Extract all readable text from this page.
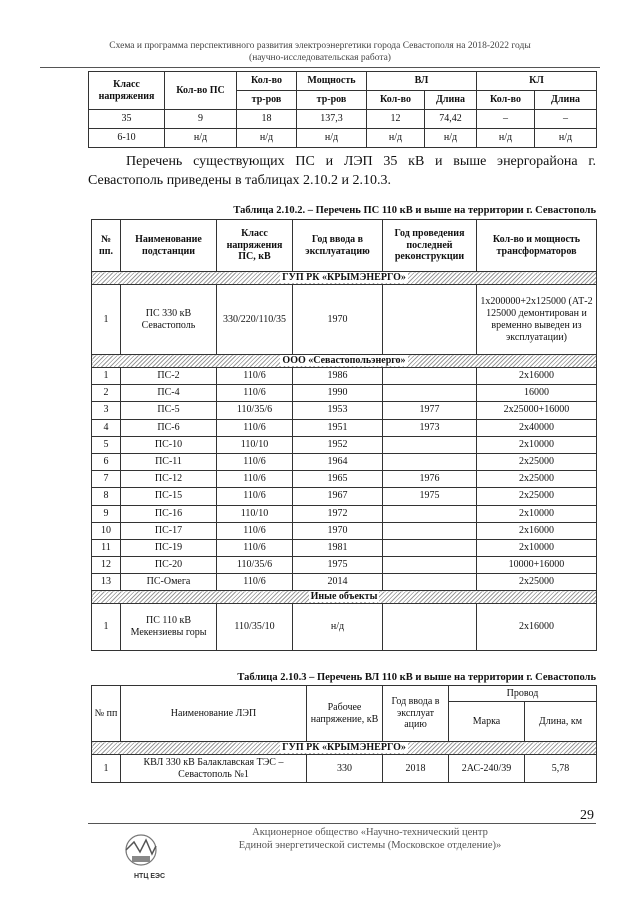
Схема и программа перспективного развития электроэнергетики города Севастополя на 2018-2022 годы
(научно-исследовательская работа)
Класс напряжения	Кол-во ПС	Кол-во	Мощность	ВЛ		КЛ	
		тр-ров	тр-ров	Кол-во	Длина	Кол-во	Длина
35	9	18	137,3	12	74,42	–	–
6-10	н/д	н/д	н/д	н/д	н/д	н/д	н/д
Перечень существующих ПС и ЛЭП 35 кВ и выше энергорайона г. Севастополь приведены в таблицах 2.10.2 и 2.10.3.
Таблица 2.10.2. – Перечень ПС 110 кВ и выше на территории г. Севастополь
№ пп.	Наименование подстанции	Класс напряжения ПС, кВ	Год ввода в эксплуатацию	Год проведения последней реконструкции	Кол-во и мощность трансформаторов
ГУП РК «КРЫМЭНЕРГО»					
1	ПС 330 кВ Севастополь	330/220/110/35	1970		1х200000+2х125000 (АТ-2 125000 демонтирован и временно выведен из эксплуатации)
ООО «Севастопольэнерго»					
1	ПС-2	110/6	1986		2х16000
2	ПС-4	110/6	1990		16000
3	ПС-5	110/35/6	1953	1977	2х25000+16000
4	ПС-6	110/6	1951	1973	2х40000
5	ПС-10	110/10	1952		2х10000
6	ПС-11	110/6	1964		2х25000
7	ПС-12	110/6	1965	1976	2х25000
8	ПС-15	110/6	1967	1975	2х25000
9	ПС-16	110/10	1972		2х10000
10	ПС-17	110/6	1970		2х16000
11	ПС-19	110/6	1981		2х10000
12	ПС-20	110/35/6	1975		10000+16000
13	ПС-Омега	110/6	2014		2х25000
Иные объекты					
1	ПС 110 кВ Мекензиевы горы	110/35/10	н/д		2х16000
Таблица 2.10.3 – Перечень ВЛ 110 кВ и выше на территории г. Севастополь
№ пп	Наименование ЛЭП	Рабочее напряжение, кВ	Год ввода в эксплуат ацию	Провод	
				Марка	Длина, км
ГУП РК «КРЫМЭНЕРГО»					
1	КВЛ 330 кВ Балаклавская ТЭС – Севастополь №1	330	2018	2АС-240/39	5,78
29
НТЦ ЕЭС
Акционерное общество «Научно-технический центр
Единой энергетической системы (Московское отделение)»
